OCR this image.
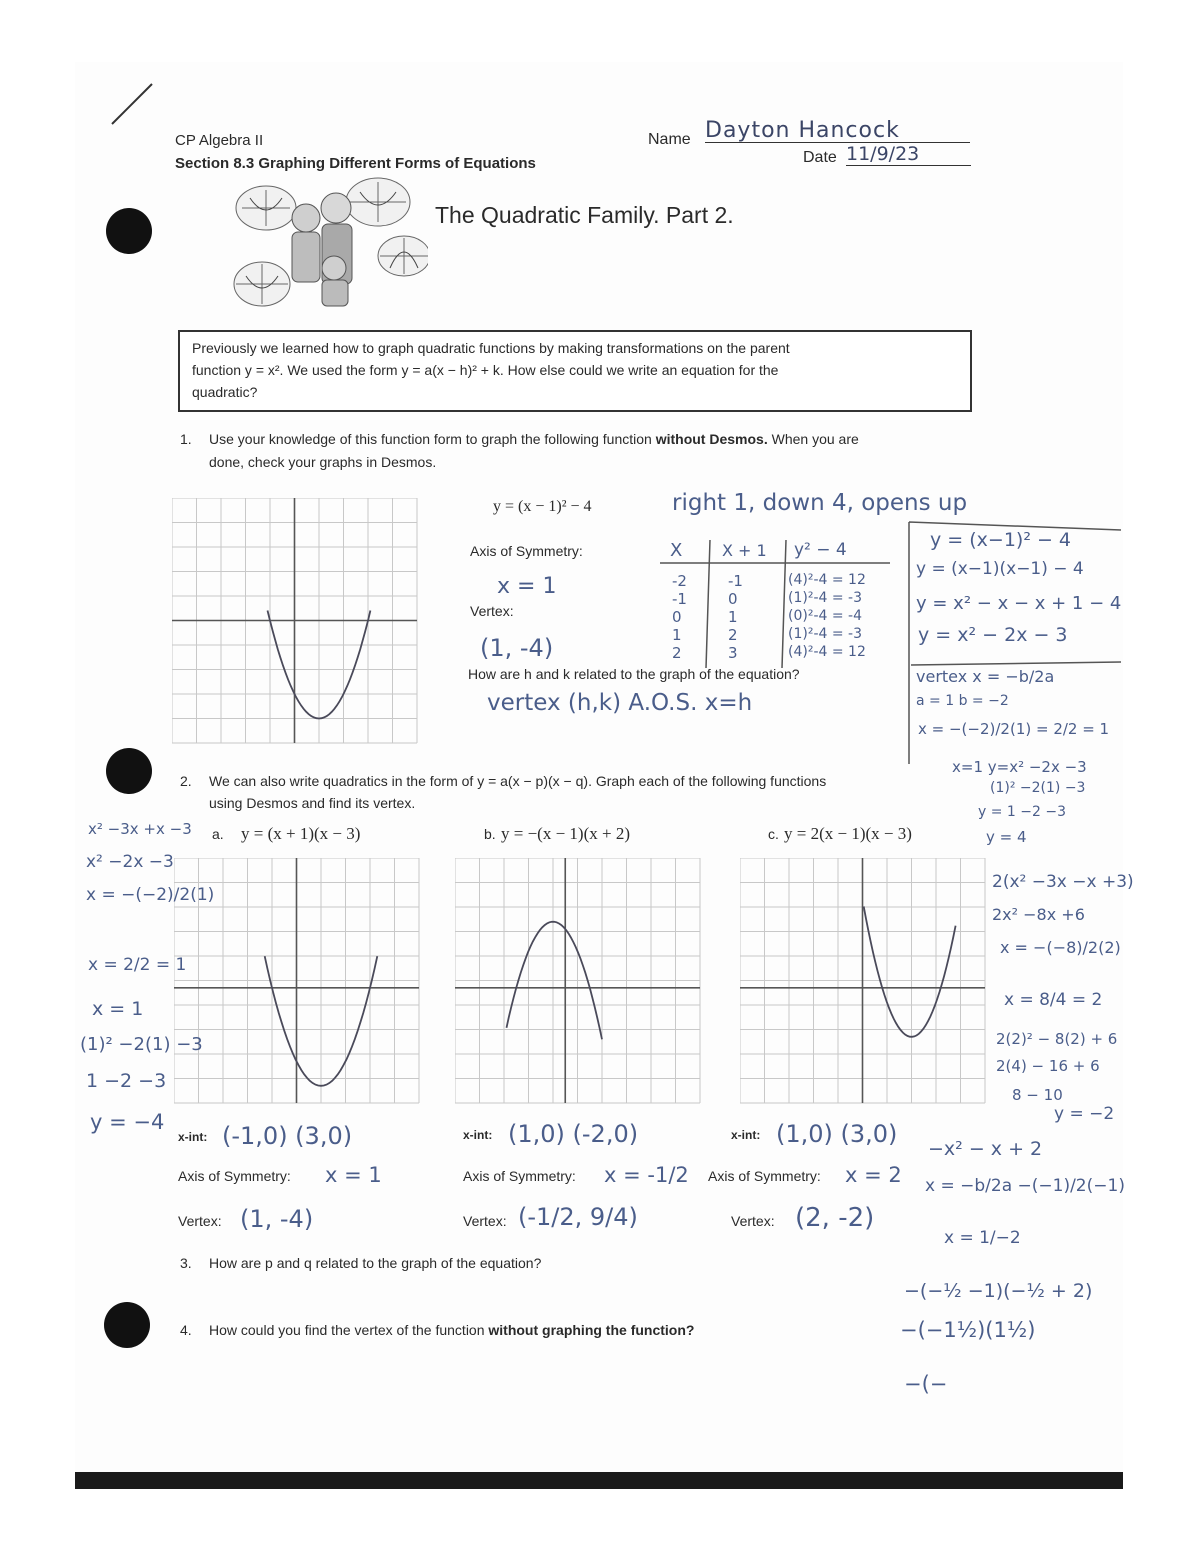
CP Algebra II
Section 8.3 Graphing Different Forms of Equations
Name Dayton Hancock
Date 11/9/23
The Quadratic Family. Part 2.
Previously we learned how to graph quadratic functions by making transformations on the parent
function y = x². We used the form y = a(x − h)² + k. How else could we write an equation for the
quadratic?
1. Use your knowledge of this function form to graph the following function without Desmos. When you are
done, check your graphs in Desmos.
y = (x − 1)² − 4	right 1, down 4, opens up
Axis of Symmetry:
x = 1
Vertex:
(1, -4)
How are h and k related to the graph of the equation?
vertex (h,k) A.O.S. x=h
X X + 1 y² − 4
-2	-1	(4)²-4 = 12
-1	0	(1)²-4 = -3
0	1	(0)²-4 = -4
1	2	(1)²-4 = -3
2	3	(4)²-4 = 12
y = (x−1)² − 4
y = (x−1)(x−1) − 4
y = x² − x − x + 1 − 4
y = x² − 2x − 3
vertex x = −b/2a
a = 1 b = −2
x = −(−2)/2(1) = 2/2 = 1
x=1 y=x² −2x −3
(1)² −2(1) −3
y = 1 −2 −3
y = 4
2. We can also write quadratics in the form of y = a(x − p)(x − q). Graph each of the following functions
using Desmos and find its vertex.
a. y = (x + 1)(x − 3)	b. y = −(x − 1)(x + 2)	c. y = 2(x − 1)(x − 3)
x-int: (-1,0) (3,0)
Axis of Symmetry: x = 1
Vertex: (1, -4)
x-int: (1,0) (-2,0)
Axis of Symmetry: x = -1/2
Vertex: (-1/2, 9/4)
x-int: (1,0) (3,0)
Axis of Symmetry: x = 2
Vertex: (2, -2)
x² −3x +x −3
x² −2x −3
x = −(−2)/2(1)
x = 2/2 = 1
x = 1
(1)² −2(1) −3
1 −2 −3
y = −4
2(x² −3x −x +3)
2x² −8x +6
x = −(−8)/2(2)
x = 8/4 = 2
2(2)² − 8(2) + 6
2(4) − 16 + 6
8 − 10
y = −2
−x² − x + 2
x = −b/2a −(−1)/2(−1)
x = 1/−2
−(−½ −1)(−½ + 2)
−(−1½)(1½)
−(−
3. How are p and q related to the graph of the equation?
4. How could you find the vertex of the function without graphing the function?
